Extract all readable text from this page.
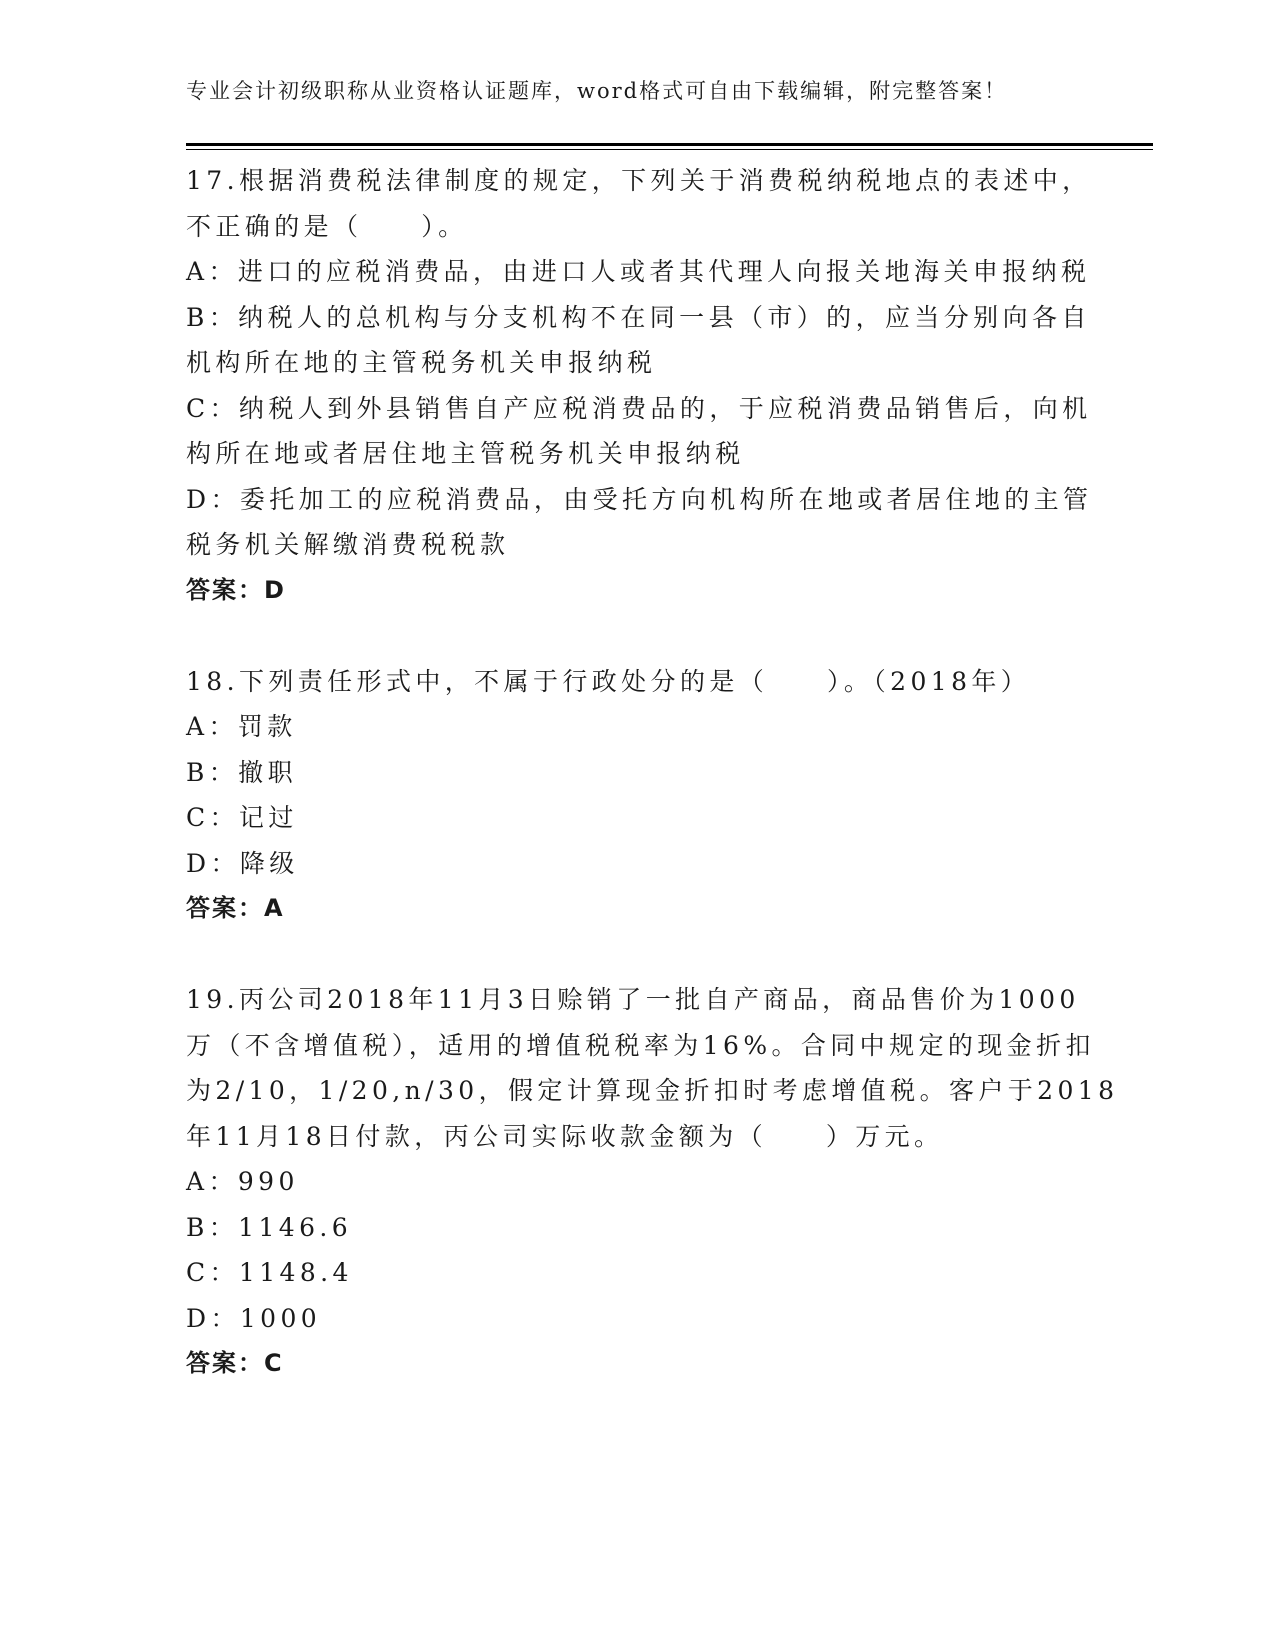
专业会计初级职称从业资格认证题库，word格式可自由下载编辑，附完整答案！
17.根据消费税法律制度的规定，下列关于消费税纳税地点的表述中，
不正确的是（　　）。
A：进口的应税消费品，由进口人或者其代理人向报关地海关申报纳税
B：纳税人的总机构与分支机构不在同一县（市）的，应当分别向各自
机构所在地的主管税务机关申报纳税
C：纳税人到外县销售自产应税消费品的，于应税消费品销售后，向机
构所在地或者居住地主管税务机关申报纳税
D：委托加工的应税消费品，由受托方向机构所在地或者居住地的主管
税务机关解缴消费税税款
答案：D
18.下列责任形式中，不属于行政处分的是（　　）。（2018年）
A：罚款
B：撤职
C：记过
D：降级
答案：A
19.丙公司2018年11月3日赊销了一批自产商品，商品售价为1000
万（不含增值税），适用的增值税税率为16%。合同中规定的现金折扣
为2/10，1/20,n/30，假定计算现金折扣时考虑增值税。客户于2018
年11月18日付款，丙公司实际收款金额为（　　）万元。
A：990
B：1146.6
C：1148.4
D：1000
答案：C
